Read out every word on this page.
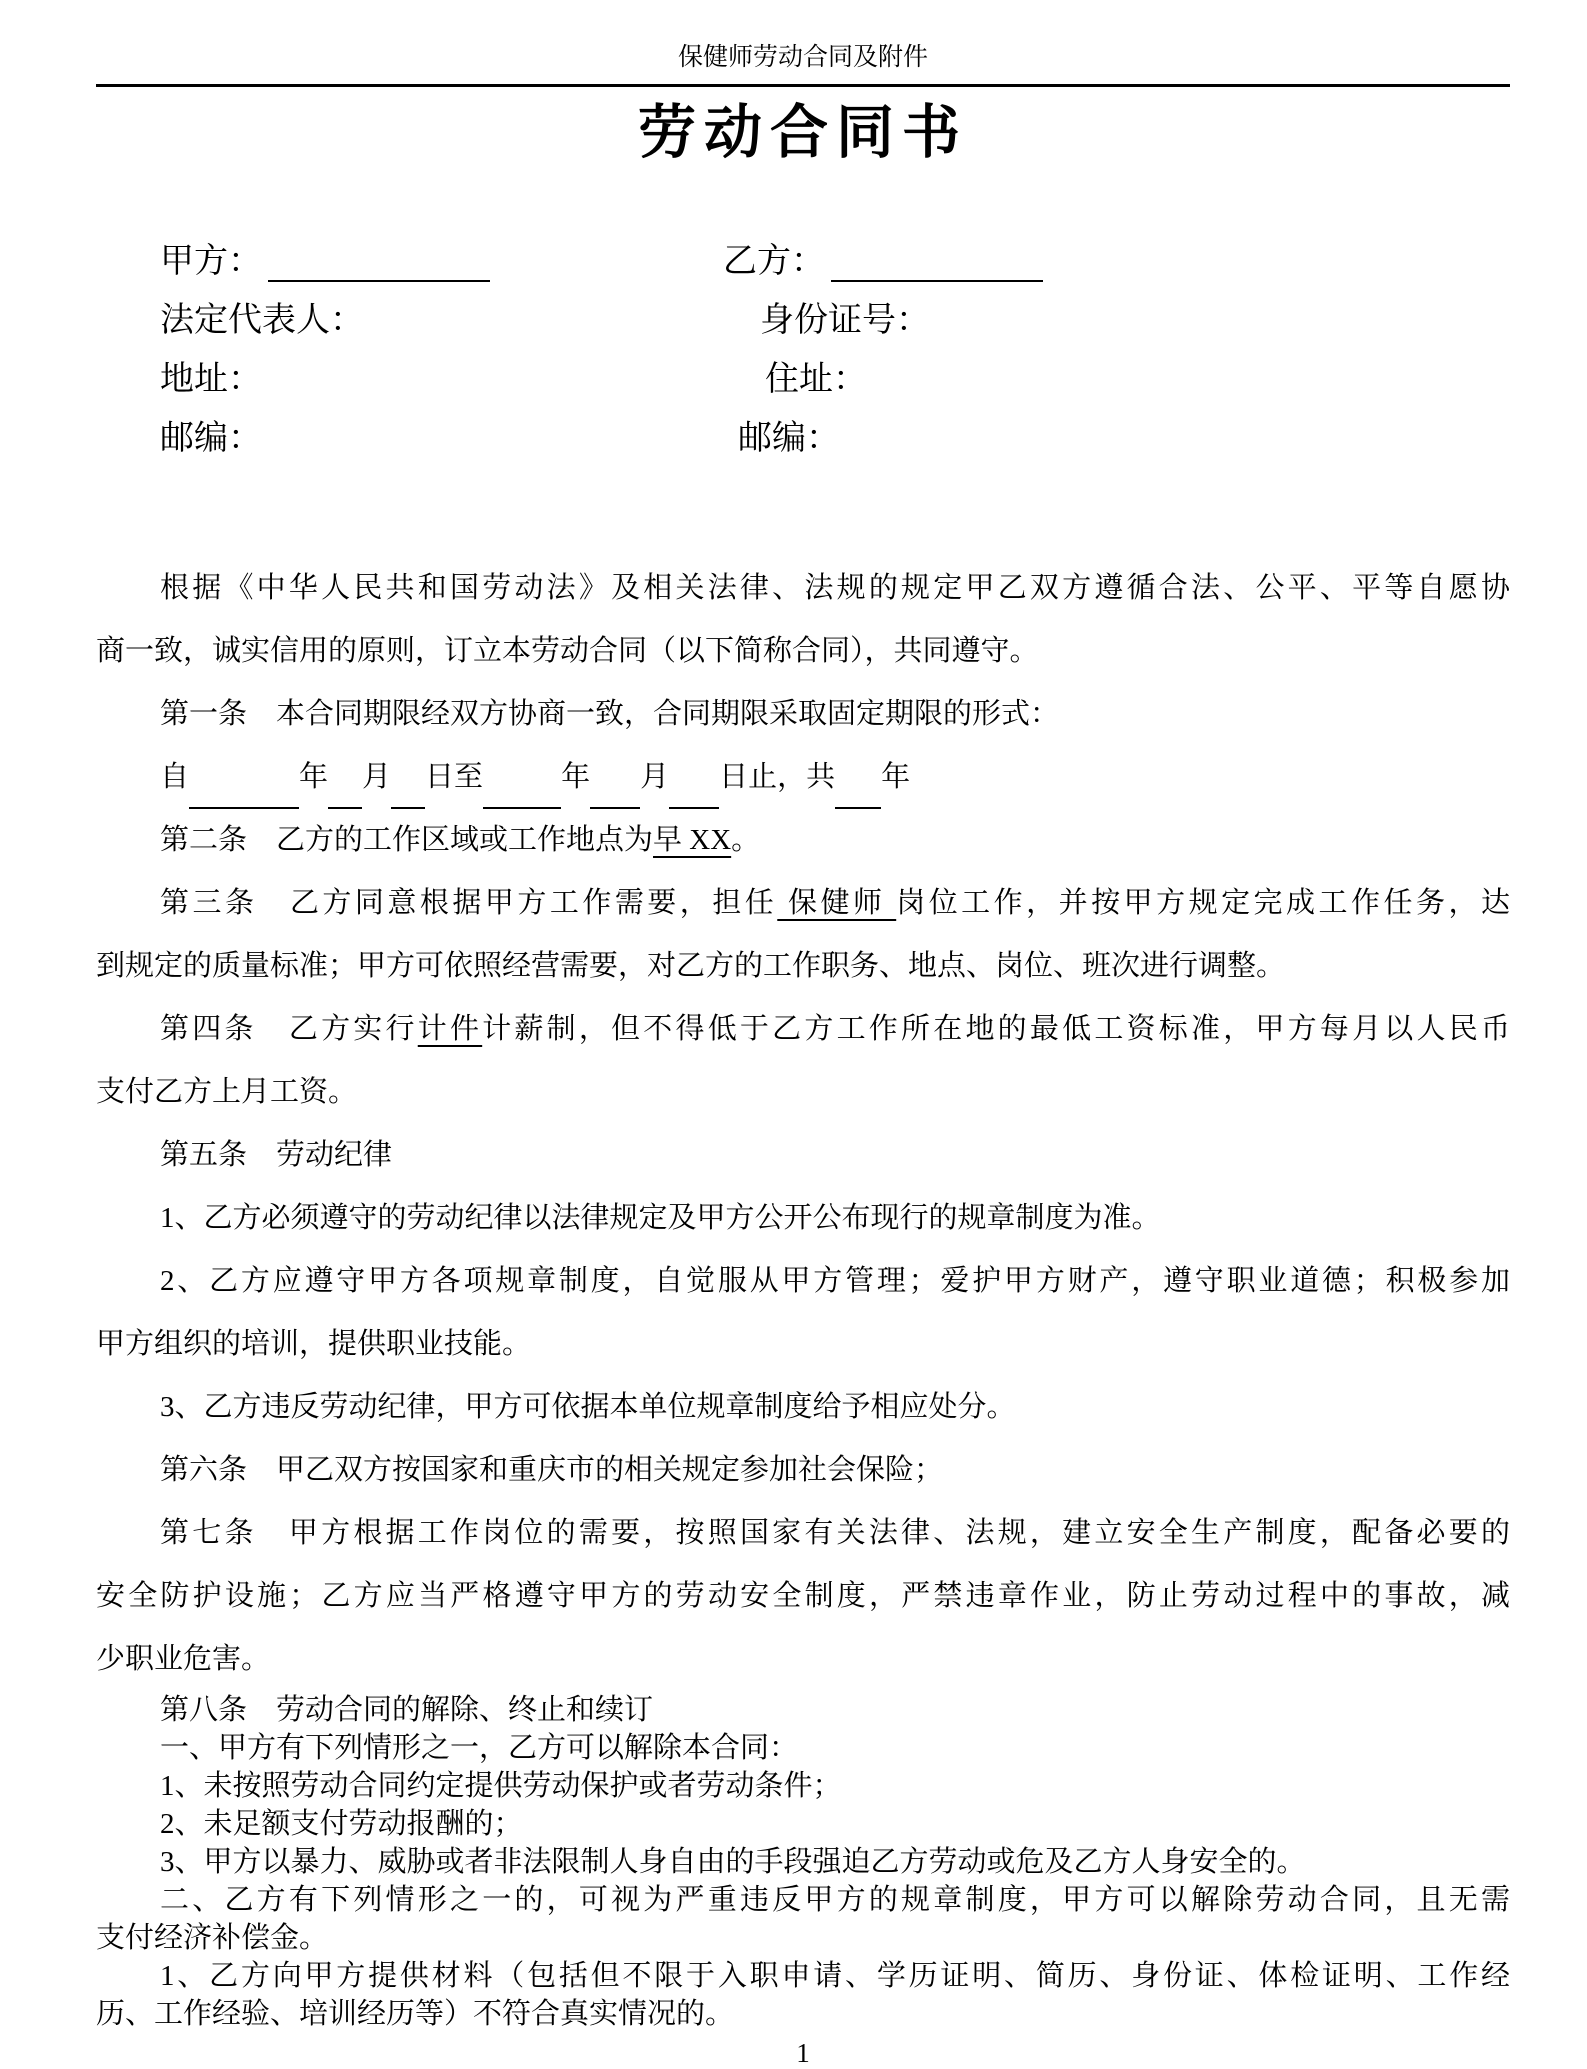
保健师劳动合同及附件
劳动合同书
甲方：	乙方：
法定代表人：	身份证号：
地址：	住址：
邮编：	邮编：

根据《中华人民共和国劳动法》及相关法律、法规的规定甲乙双方遵循合法、公平、平等自愿协

商一致，诚实信用的原则，订立本劳动合同（以下简称合同），共同遵守。

第一条　本合同期限经双方协商一致，合同期限采取固定期限的形式：

自	年 月 日至	年 月 日止，共 年

第二条　乙方的工作区域或工作地点为早 XX。

第三条　乙方同意根据甲方工作需要，担任 保健师 岗位工作，并按甲方规定完成工作任务，达

到规定的质量标准；甲方可依照经营需要，对乙方的工作职务、地点、岗位、班次进行调整。

第四条　乙方实行计件计薪制，但不得低于乙方工作所在地的最低工资标准，甲方每月以人民币

支付乙方上月工资。

第五条　劳动纪律

1、乙方必须遵守的劳动纪律以法律规定及甲方公开公布现行的规章制度为准。

2、乙方应遵守甲方各项规章制度，自觉服从甲方管理；爱护甲方财产，遵守职业道德；积极参加

甲方组织的培训，提供职业技能。

3、乙方违反劳动纪律，甲方可依据本单位规章制度给予相应处分。

第六条　甲乙双方按国家和重庆市的相关规定参加社会保险；

第七条　甲方根据工作岗位的需要，按照国家有关法律、法规，建立安全生产制度，配备必要的

安全防护设施；乙方应当严格遵守甲方的劳动安全制度，严禁违章作业，防止劳动过程中的事故，减

少职业危害。

第八条　劳动合同的解除、终止和续订

一、甲方有下列情形之一，乙方可以解除本合同：

1、未按照劳动合同约定提供劳动保护或者劳动条件；

2、未足额支付劳动报酬的；

3、甲方以暴力、威胁或者非法限制人身自由的手段强迫乙方劳动或危及乙方人身安全的。

二、乙方有下列情形之一的，可视为严重违反甲方的规章制度，甲方可以解除劳动合同，且无需

支付经济补偿金。

1、乙方向甲方提供材料（包括但不限于入职申请、学历证明、简历、身份证、体检证明、工作经

历、工作经验、培训经历等）不符合真实情况的。

1
